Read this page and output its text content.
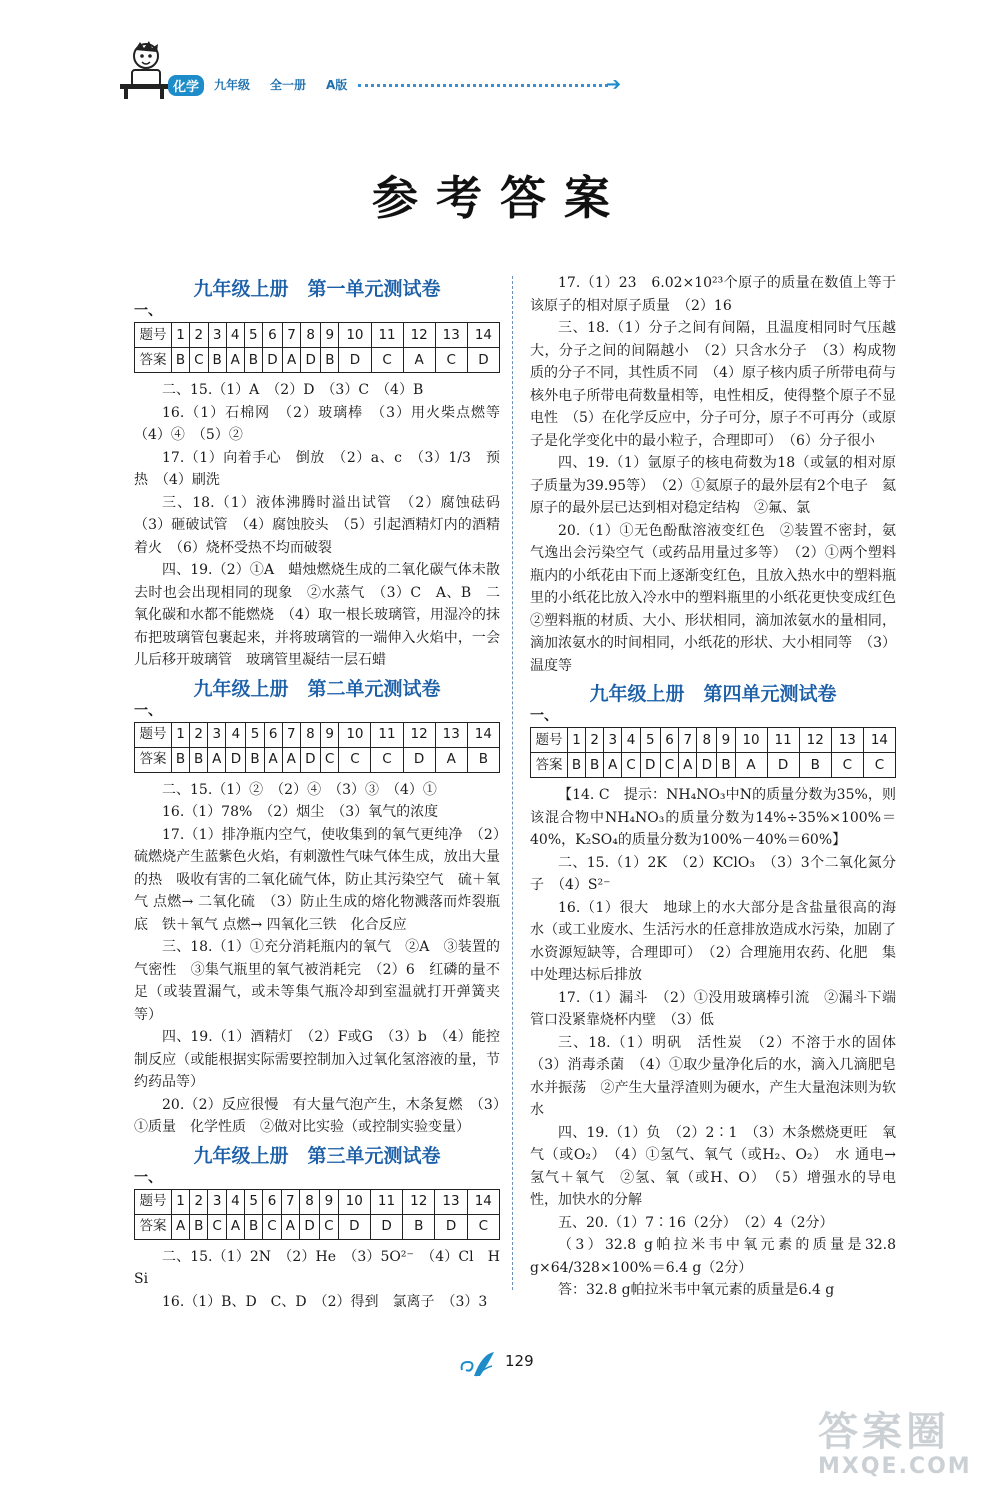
化学	九年级 全一册 A版	➔
参考答案
九年级上册　第一单元测试卷
一、
题号	1	2	3	4	5	6	7	8	9	10	11	12	13	14
答案	B	C	B	A	B	D	A	D	B	D	C	A	C	D

二、15.（1）A　（2）D　（3）C　（4）B

16.（1）石棉网　（2）玻璃棒　（3）用火柴点燃等　（4）④　（5）②

17.（1）向着手心　倒放　（2）a、c　（3）1/3　预热　（4）刷洗

三、18.（1）液体沸腾时溢出试管　（2）腐蚀砝码　（3）砸破试管　（4）腐蚀胶头　（5）引起酒精灯内的酒精着火　（6）烧杯受热不均而破裂

四、19.（2）①A　蜡烛燃烧生成的二氧化碳气体未散去时也会出现相同的现象　②水蒸气　（3）C　A、B　二氧化碳和水都不能燃烧　（4）取一根长玻璃管，用湿冷的抹布把玻璃管包裹起来，并将玻璃管的一端伸入火焰中，一会儿后移开玻璃管　玻璃管里凝结一层石蜡

九年级上册　第二单元测试卷
一、
题号	1	2	3	4	5	6	7	8	9	10	11	12	13	14
答案	B	B	A	D	B	A	A	D	C	C	C	D	A	B

二、15.（1）②　（2）④　（3）③　（4）①

16.（1）78%　（2）烟尘　（3）氧气的浓度

17.（1）排净瓶内空气，使收集到的氧气更纯净　（2）硫燃烧产生蓝紫色火焰，有刺激性气味气体生成，放出大量的热　吸收有害的二氧化硫气体，防止其污染空气　硫＋氧气 点燃→ 二氧化硫　（3）防止生成的熔化物溅落而炸裂瓶底　铁＋氧气 点燃→ 四氧化三铁　化合反应

三、18.（1）①充分消耗瓶内的氧气　②A　③装置的气密性　③集气瓶里的氧气被消耗完　（2）6　红磷的量不足（或装置漏气，或未等集气瓶冷却到室温就打开弹簧夹等）

四、19.（1）酒精灯　（2）F或G　（3）b　（4）能控制反应（或能根据实际需要控制加入过氧化氢溶液的量，节约药品等）

20.（2）反应很慢　有大量气泡产生，木条复燃　（3）①质量　化学性质　②做对比实验（或控制实验变量）

九年级上册　第三单元测试卷
一、
题号	1	2	3	4	5	6	7	8	9	10	11	12	13	14
答案	A	B	C	A	B	C	A	D	C	D	D	B	D	C

二、15.（1）2N　（2）He　（3）5O²⁻　（4）Cl　H　Si

16.（1）B、D　C、D　（2）得到　氯离子　（3）3

17.（1）23　6.02×10²³个原子的质量在数值上等于该原子的相对原子质量　（2）16

三、18.（1）分子之间有间隔，且温度相同时气压越大，分子之间的间隔越小　（2）只含水分子　（3）构成物质的分子不同，其性质不同　（4）原子核内质子所带电荷与核外电子所带电荷数量相等，电性相反，使得整个原子不显电性　（5）在化学反应中，分子可分，原子不可再分（或原子是化学变化中的最小粒子，合理即可）　（6）分子很小

四、19.（1）氩原子的核电荷数为18（或氩的相对原子质量为39.95等）　（2）①氦原子的最外层有2个电子　氦原子的最外层已达到相对稳定结构　②氟、氯

20.（1）①无色酚酞溶液变红色　②装置不密封，氨气逸出会污染空气（或药品用量过多等）　（2）①两个塑料瓶内的小纸花由下而上逐渐变红色，且放入热水中的塑料瓶里的小纸花比放入冷水中的塑料瓶里的小纸花更快变成红色　②塑料瓶的材质、大小、形状相同，滴加浓氨水的量相同，滴加浓氨水的时间相同，小纸花的形状、大小相同等　（3）温度等

九年级上册　第四单元测试卷
一、
题号	1	2	3	4	5	6	7	8	9	10	11	12	13	14
答案	B	B	A	C	D	C	A	D	B	A	D	B	C	C

【14. C　提示：NH₄NO₃中N的质量分数为35%，则该混合物中NH₄NO₃的质量分数为14%÷35%×100%＝40%，K₂SO₄的质量分数为100%－40%＝60%】

二、15.（1）2K　（2）KClO₃　（3）3个二氧化氮分子　（4）S²⁻

16.（1）很大　地球上的水大部分是含盐量很高的海水（或工业废水、生活污水的任意排放造成水污染，加剧了水资源短缺等，合理即可）　（2）合理施用农药、化肥　集中处理达标后排放

17.（1）漏斗　（2）①没用玻璃棒引流　②漏斗下端管口没紧靠烧杯内壁　（3）低

三、18.（1）明矾　活性炭　（2）不溶于水的固体　（3）消毒杀菌　（4）①取少量净化后的水，滴入几滴肥皂水并振荡　②产生大量浮渣则为硬水，产生大量泡沫则为软水

四、19.（1）负　（2）2∶1　（3）木条燃烧更旺　氧气（或O₂）　（4）①氢气、氧气（或H₂、O₂）　水 通电→ 氢气＋氧气　②氢、氧（或H、O）　（5）增强水的导电性，加快水的分解

五、20.（1）7∶16（2分）　（2）4（2分）

（3）32.8 g帕拉米韦中氧元素的质量是32.8 g×64/328×100%＝6.4 g（2分）

答：32.8 g帕拉米韦中氧元素的质量是6.4 g

129
答案圈
MXQE.COM
